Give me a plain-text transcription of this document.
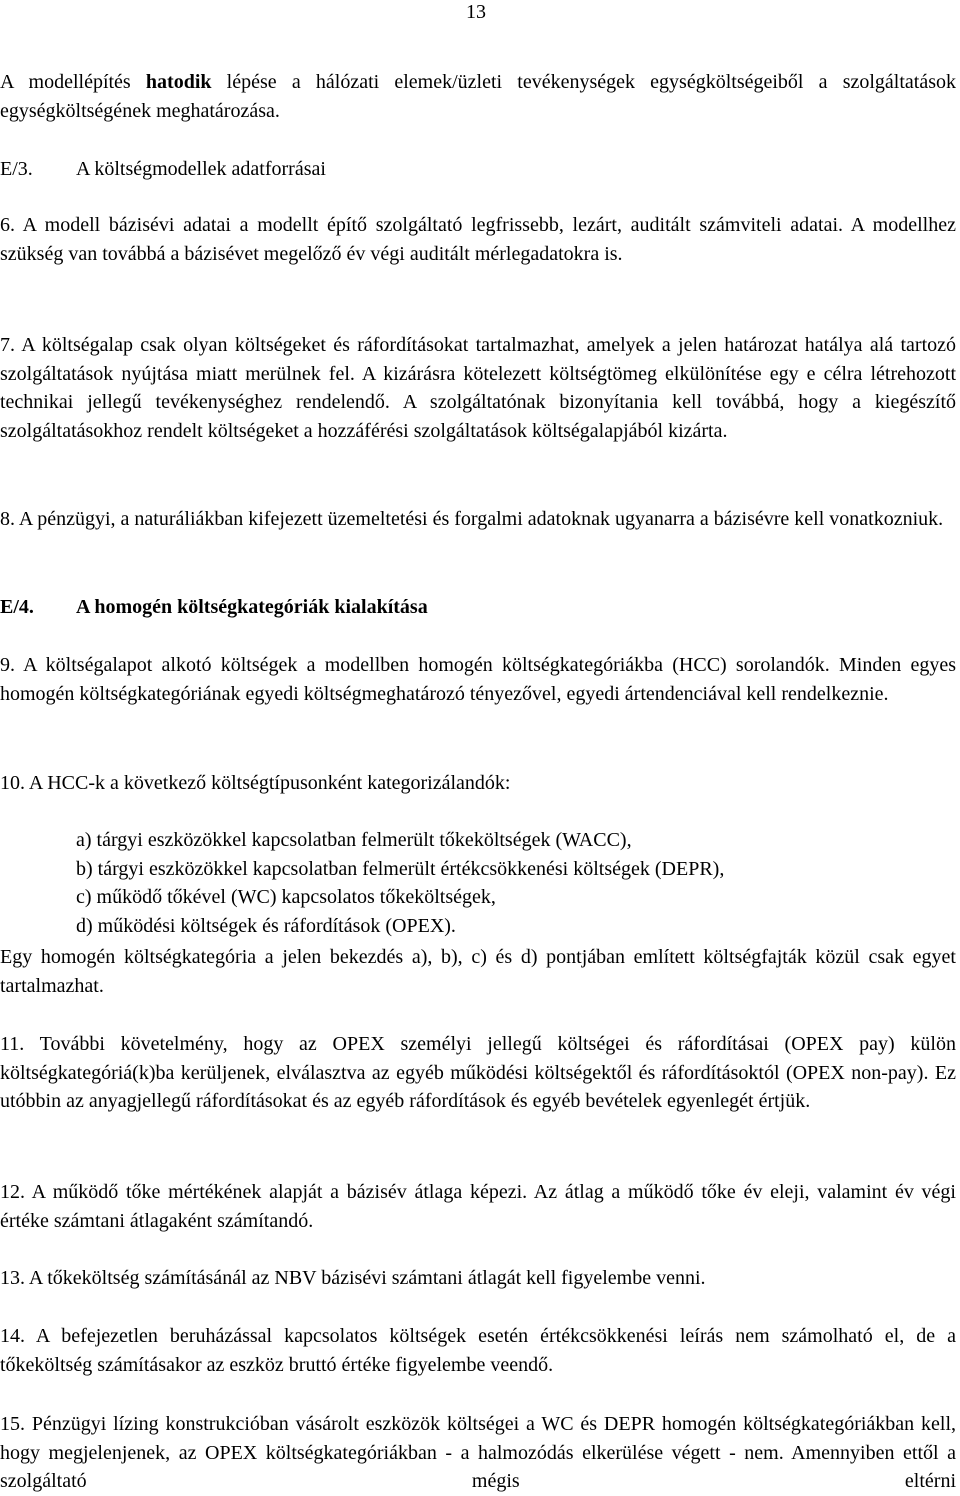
13

A modellépítés hatodik lépése a hálózati elemek/üzleti tevékenységek egységköltségeiből a szolgáltatások egységköltségének meghatározása.

E/3. A költségmodellek adatforrásai

6. A modell bázisévi adatai a modellt építő szolgáltató legfrissebb, lezárt, auditált számviteli adatai. A modellhez szükség van továbbá a bázisévet megelőző év végi auditált mérlegadatokra is.

7. A költségalap csak olyan költségeket és ráfordításokat tartalmazhat, amelyek a jelen határozat hatálya alá tartozó szolgáltatások nyújtása miatt merülnek fel. A kizárásra kötelezett költségtömeg elkülönítése egy e célra létrehozott technikai jellegű tevékenységhez rendelendő. A szolgáltatónak bizonyítania kell továbbá, hogy a kiegészítő szolgáltatásokhoz rendelt költségeket a hozzáférési szolgáltatások költségalapjából kizárta.

8. A pénzügyi, a naturáliákban kifejezett üzemeltetési és forgalmi adatoknak ugyanarra a bázisévre kell vonatkozniuk.

E/4. A homogén költségkategóriák kialakítása

9. A költségalapot alkotó költségek a modellben homogén költségkategóriákba (HCC) sorolandók. Minden egyes homogén költségkategóriának egyedi költségmeghatározó tényezővel, egyedi ártendenciával kell rendelkeznie.

10. A HCC-k a következő költségtípusonként kategorizálandók:

a) tárgyi eszközökkel kapcsolatban felmerült tőkeköltségek (WACC),
b) tárgyi eszközökkel kapcsolatban felmerült értékcsökkenési költségek (DEPR),
c) működő tőkével (WC) kapcsolatos tőkeköltségek,
d) működési költségek és ráfordítások (OPEX).

Egy homogén költségkategória a jelen bekezdés a), b), c) és d) pontjában említett költségfajták közül csak egyet tartalmazhat.

11. További követelmény, hogy az OPEX személyi jellegű költségei és ráfordításai (OPEX pay) külön költségkategóriá(k)ba kerüljenek, elválasztva az egyéb működési költségektől és ráfordításoktól (OPEX non-pay). Ez utóbbin az anyagjellegű ráfordításokat és az egyéb ráfordítások és egyéb bevételek egyenlegét értjük.

12. A működő tőke mértékének alapját a bázisév átlaga képezi. Az átlag a működő tőke év eleji, valamint év végi értéke számtani átlagaként számítandó.

13. A tőkeköltség számításánál az NBV bázisévi számtani átlagát kell figyelembe venni.

14. A befejezetlen beruházással kapcsolatos költségek esetén értékcsökkenési leírás nem számolható el, de a tőkeköltség számításakor az eszköz bruttó értéke figyelembe veendő.

15. Pénzügyi lízing konstrukcióban vásárolt eszközök költségei a WC és DEPR homogén költségkategóriákban kell, hogy megjelenjenek, az OPEX költségkategóriákban - a halmozódás elkerülése végett - nem. Amennyiben ettől a szolgáltató mégis eltérni
